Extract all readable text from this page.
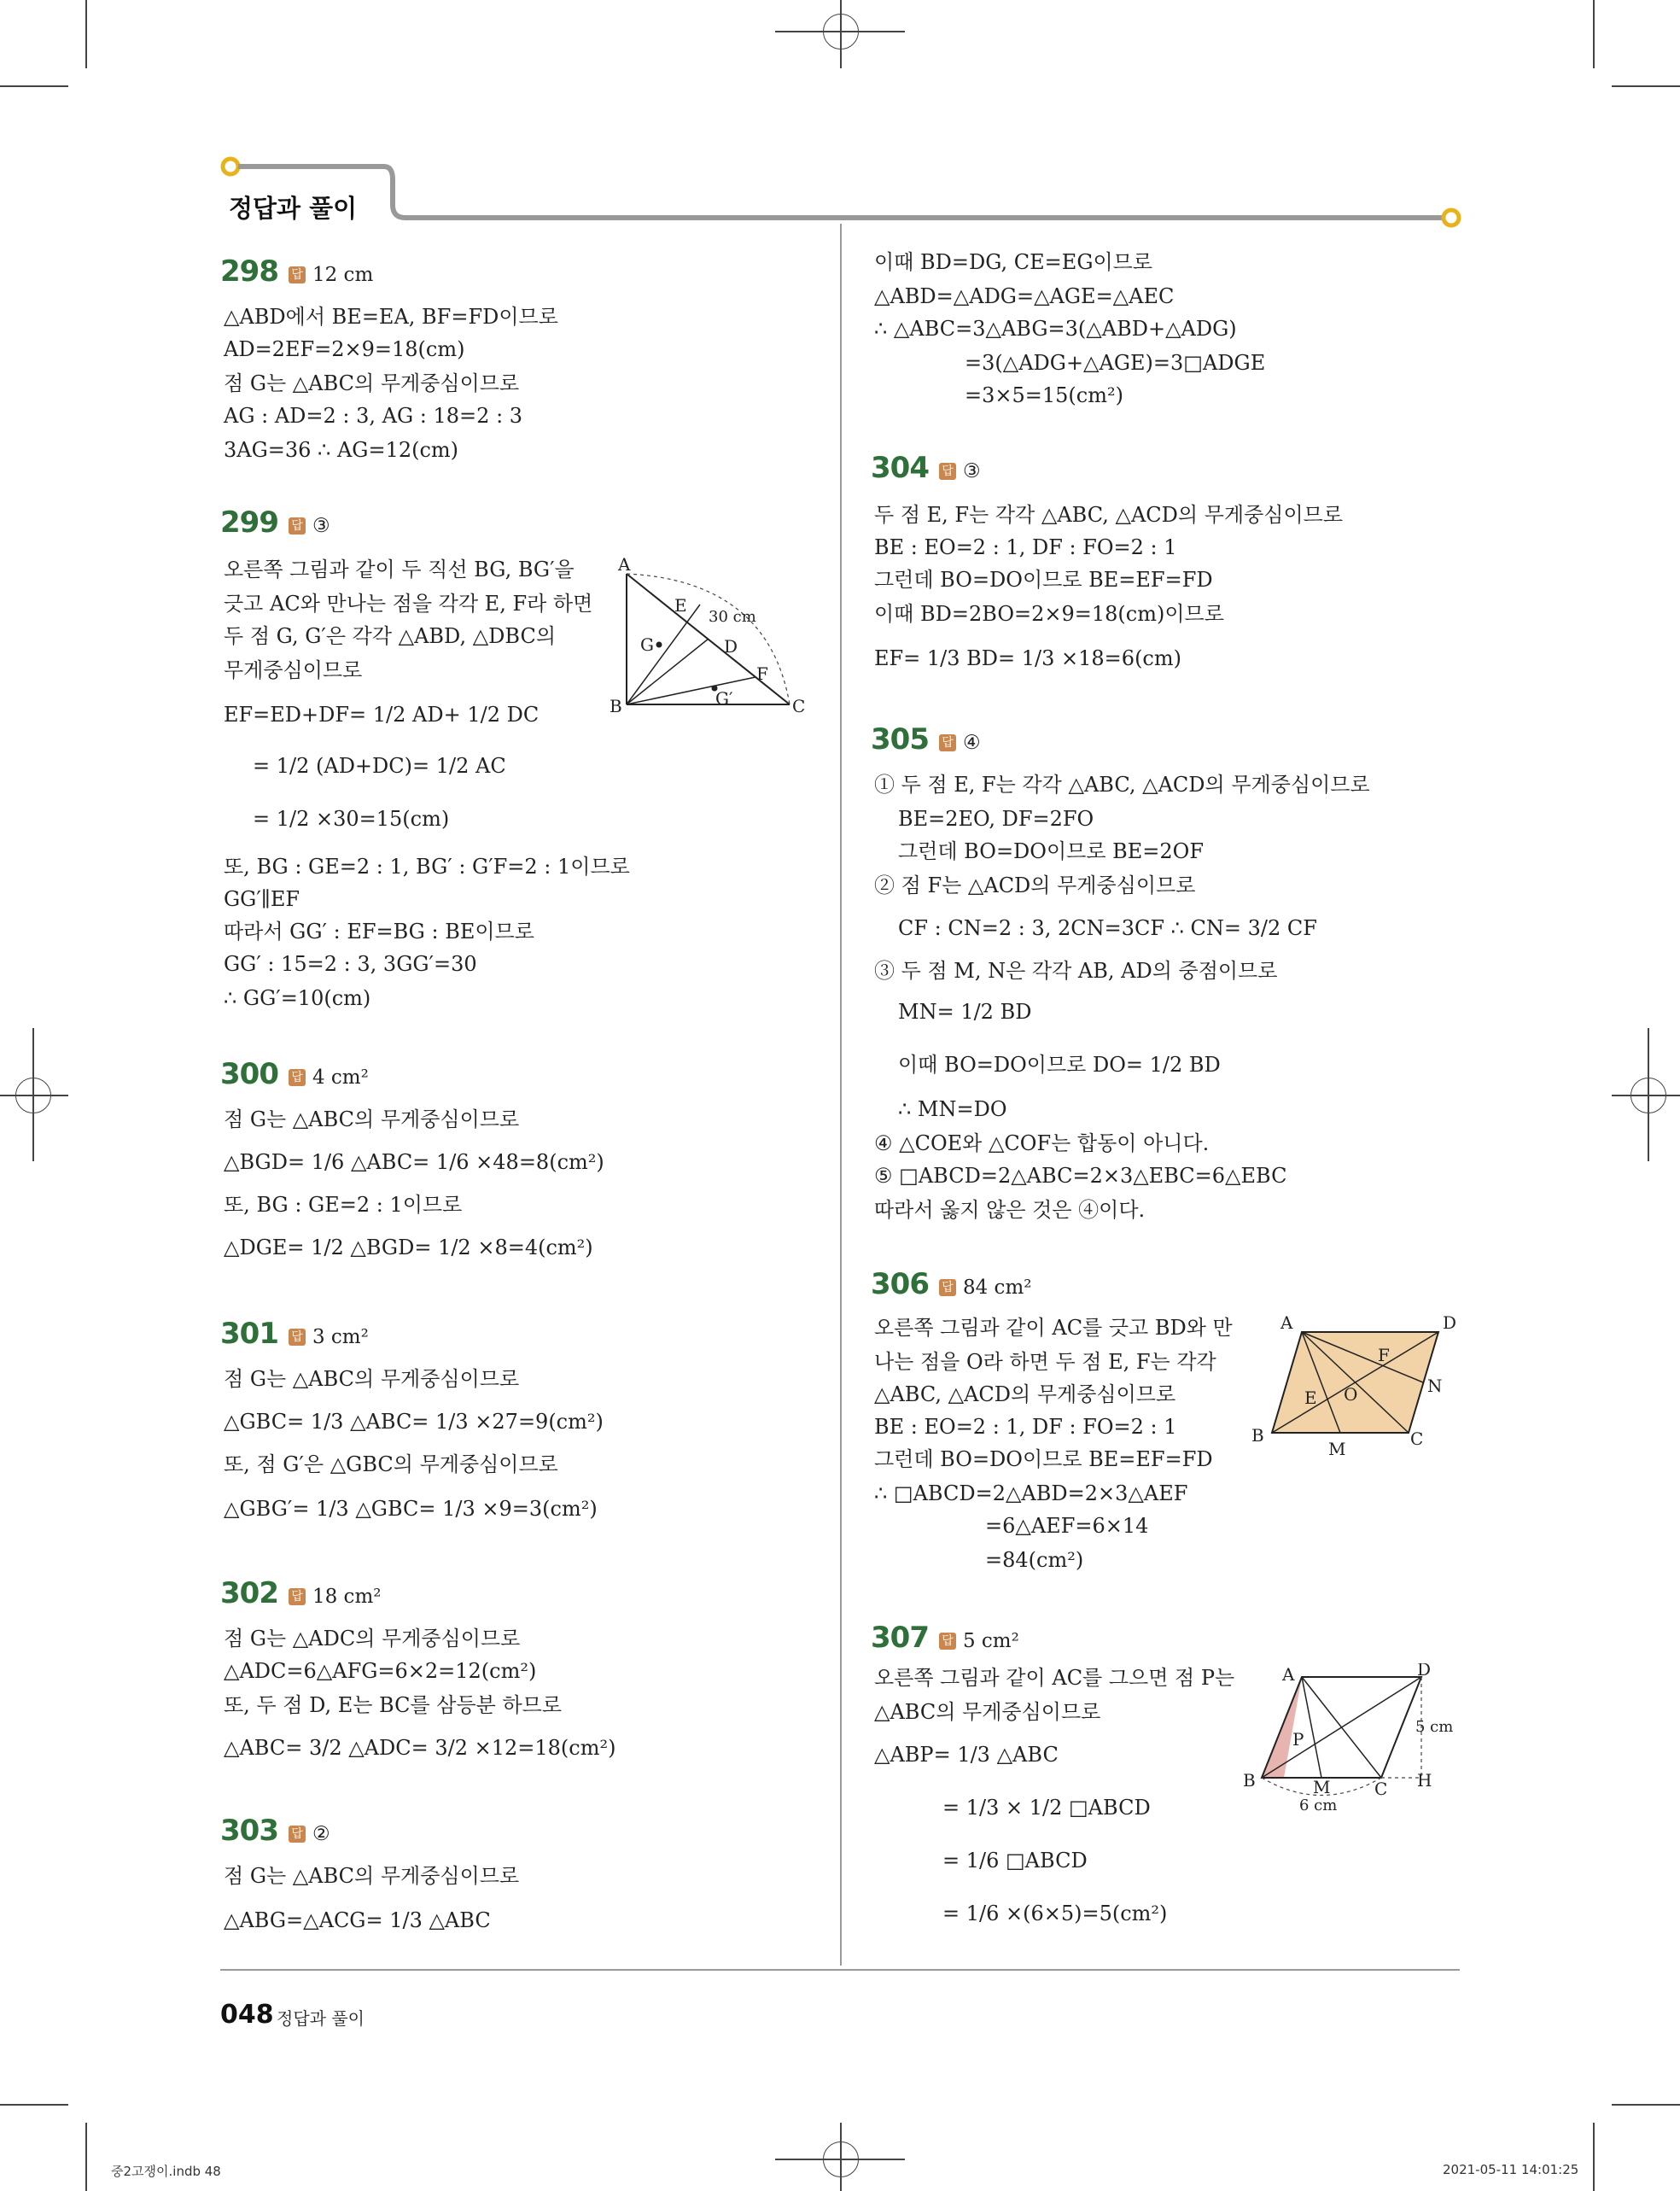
정답과 풀이
298 답 12 cm
△ABD에서 BE=EA, BF=FD이므로
AD=2EF=2×9=18(cm)
점 G는 △ABC의 무게중심이므로
AG : AD=2 : 3, AG : 18=2 : 3
3AG=36 ∴ AG=12(cm)
299 답 ③
오른쪽 그림과 같이 두 직선 BG, BG′을
긋고 AC와 만나는 점을 각각 E, F라 하면
두 점 G, G′은 각각 △ABD, △DBC의
무게중심이므로
EF=ED+DF= 1/2 AD+ 1/2 DC
= 1/2 (AD+DC)= 1/2 AC
= 1/2 ×30=15(cm)
또, BG : GE=2 : 1, BG′ : G′F=2 : 1이므로
GG′∥EF
따라서 GG′ : EF=BG : BE이므로
GG′ : 15=2 : 3, 3GG′=30
∴ GG′=10(cm)
A
B	C
D
E
F
G
G′
30 cm
300 답 4 cm²
점 G는 △ABC의 무게중심이므로
△BGD= 1/6 △ABC= 1/6 ×48=8(cm²)
또, BG : GE=2 : 1이므로
△DGE= 1/2 △BGD= 1/2 ×8=4(cm²)
301 답 3 cm²
점 G는 △ABC의 무게중심이므로
△GBC= 1/3 △ABC= 1/3 ×27=9(cm²)
또, 점 G′은 △GBC의 무게중심이므로
△GBG′= 1/3 △GBC= 1/3 ×9=3(cm²)
302 답 18 cm²
점 G는 △ADC의 무게중심이므로
△ADC=6△AFG=6×2=12(cm²)
또, 두 점 D, E는 BC를 삼등분 하므로
△ABC= 3/2 △ADC= 3/2 ×12=18(cm²)
303 답 ②
점 G는 △ABC의 무게중심이므로
△ABG=△ACG= 1/3 △ABC
이때 BD=DG, CE=EG이므로
△ABD=△ADG=△AGE=△AEC
∴ △ABC=3△ABG=3(△ABD+△ADG)
=3(△ADG+△AGE)=3□ADGE
=3×5=15(cm²)
304 답 ③
두 점 E, F는 각각 △ABC, △ACD의 무게중심이므로
BE : EO=2 : 1, DF : FO=2 : 1
그런데 BO=DO이므로 BE=EF=FD
이때 BD=2BO=2×9=18(cm)이므로
EF= 1/3 BD= 1/3 ×18=6(cm)
305 답 ④
① 두 점 E, F는 각각 △ABC, △ACD의 무게중심이므로
BE=2EO, DF=2FO
그런데 BO=DO이므로 BE=2OF
② 점 F는 △ACD의 무게중심이므로
CF : CN=2 : 3, 2CN=3CF ∴ CN= 3/2 CF
③ 두 점 M, N은 각각 AB, AD의 중점이므로
MN= 1/2 BD
이때 BO=DO이므로 DO= 1/2 BD
∴ MN=DO
④ △COE와 △COF는 합동이 아니다.
⑤ □ABCD=2△ABC=2×3△EBC=6△EBC
따라서 옳지 않은 것은 ④이다.
306 답 84 cm²
오른쪽 그림과 같이 AC를 긋고 BD와 만
나는 점을 O라 하면 두 점 E, F는 각각
△ABC, △ACD의 무게중심이므로
BE : EO=2 : 1, DF : FO=2 : 1
그런데 BO=DO이므로 BE=EF=FD
∴ □ABCD=2△ABD=2×3△AEF
=6△AEF=6×14
=84(cm²)
A
B	C
D
E
F
M
N
O
307 답 5 cm²
오른쪽 그림과 같이 AC를 그으면 점 P는
△ABC의 무게중심이므로
△ABP= 1/3 △ABC
= 1/3 × 1/2 □ABCD
= 1/6 □ABCD
= 1/6 ×(6×5)=5(cm²)
A
B	C
D
H
M
P
5 cm
6 cm
048 정답과 풀이
중2고쟁이.indb 48	2021-05-11 14:01:25
